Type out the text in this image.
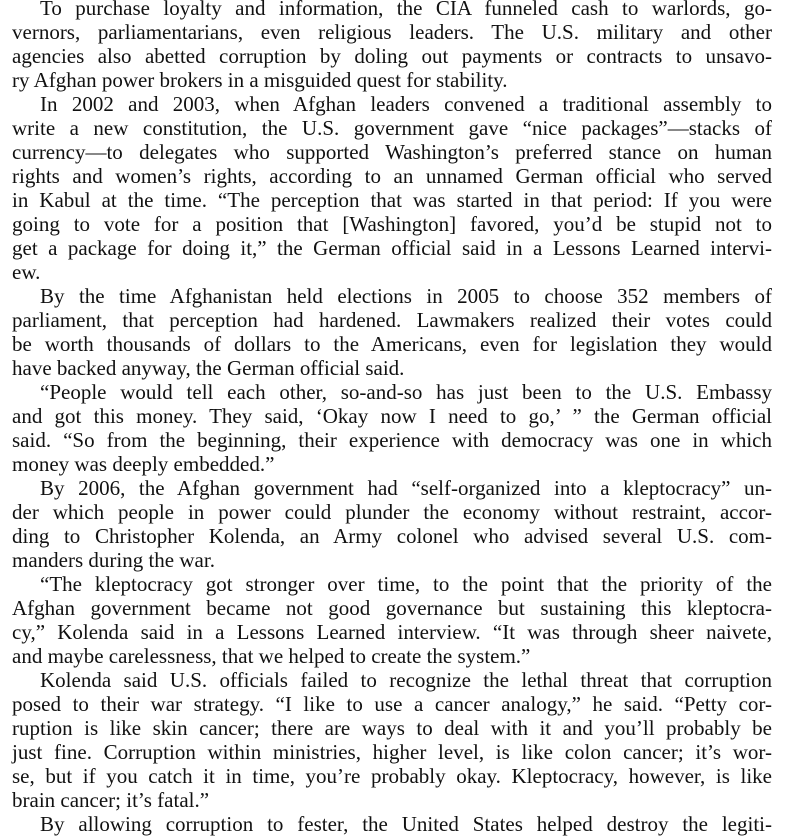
To purchase loyalty and information, the CIA funneled cash to warlords, go-
vernors, parliamentarians, even religious leaders. The U.S. military and other
agencies also abetted corruption by doling out payments or contracts to unsavo-
ry Afghan power brokers in a misguided quest for stability.
In 2002 and 2003, when Afghan leaders convened a traditional assembly to
write a new constitution, the U.S. government gave “nice packages”—stacks of
currency—to delegates who supported Washington’s preferred stance on human
rights and women’s rights, according to an unnamed German official who served
in Kabul at the time. “The perception that was started in that period: If you were
going to vote for a position that [Washington] favored, you’d be stupid not to
get a package for doing it,” the German official said in a Lessons Learned intervi-
ew.
By the time Afghanistan held elections in 2005 to choose 352 members of
parliament, that perception had hardened. Lawmakers realized their votes could
be worth thousands of dollars to the Americans, even for legislation they would
have backed anyway, the German official said.
“People would tell each other, so-and-so has just been to the U.S. Embassy
and got this money. They said, ‘Okay now I need to go,’ ” the German official
said. “So from the beginning, their experience with democracy was one in which
money was deeply embedded.”
By 2006, the Afghan government had “self-organized into a kleptocracy” un-
der which people in power could plunder the economy without restraint, accor-
ding to Christopher Kolenda, an Army colonel who advised several U.S. com-
manders during the war.
“The kleptocracy got stronger over time, to the point that the priority of the
Afghan government became not good governance but sustaining this kleptocra-
cy,” Kolenda said in a Lessons Learned interview. “It was through sheer naivete,
and maybe carelessness, that we helped to create the system.”
Kolenda said U.S. officials failed to recognize the lethal threat that corruption
posed to their war strategy. “I like to use a cancer analogy,” he said. “Petty cor-
ruption is like skin cancer; there are ways to deal with it and you’ll probably be
just fine. Corruption within ministries, higher level, is like colon cancer; it’s wor-
se, but if you catch it in time, you’re probably okay. Kleptocracy, however, is like
brain cancer; it’s fatal.”
By allowing corruption to fester, the United States helped destroy the legiti-
